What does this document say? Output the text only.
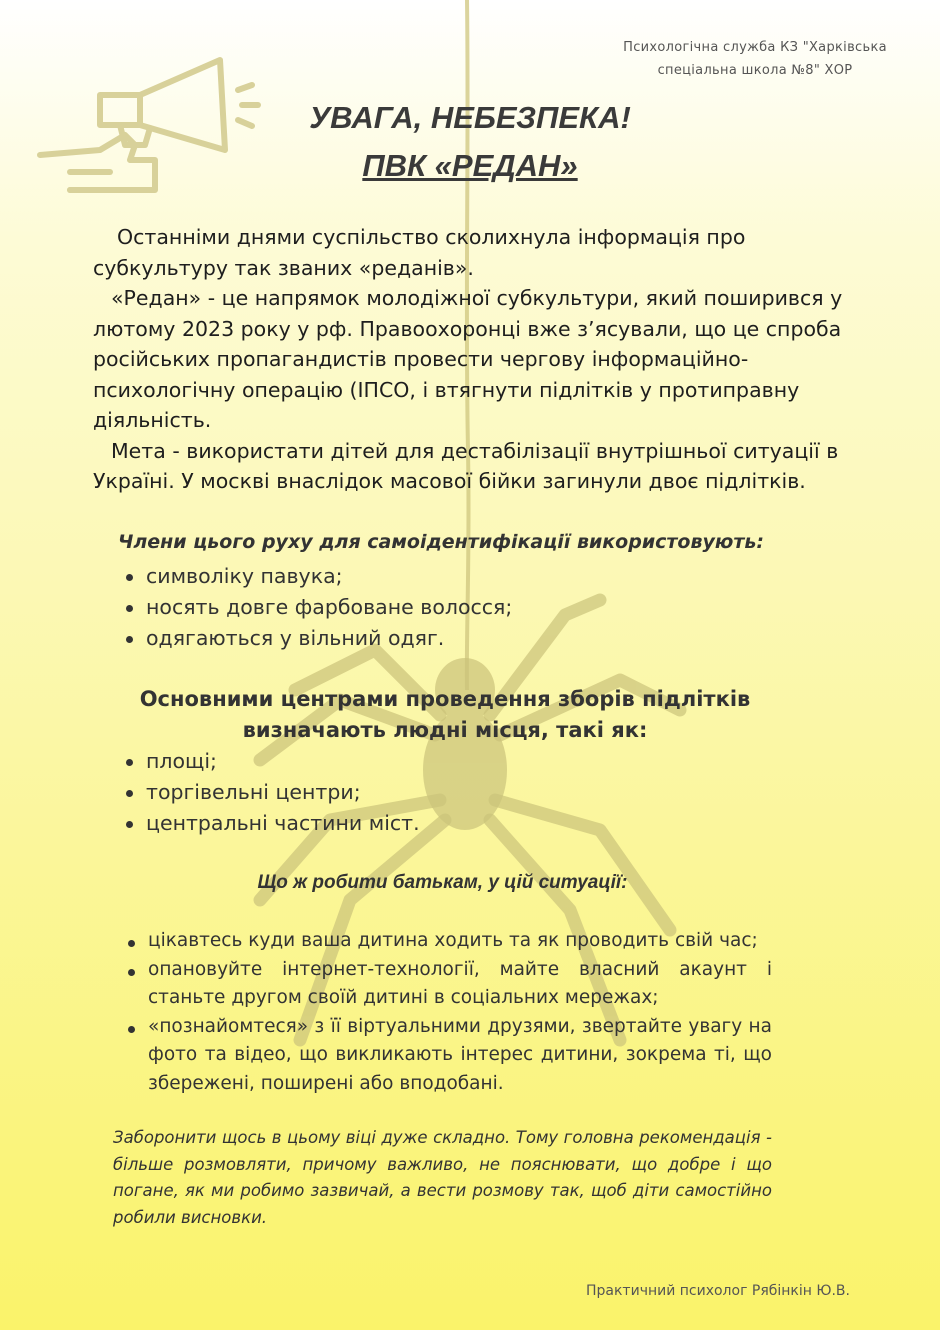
Психологічна служба КЗ "Харківська
спеціальна школа №8" ХОР
УВАГА, НЕБЕЗПЕКА!
ПВК «РЕДАН»

Останніми днями суспільство сколихнула інформація про субкультуру так званих «реданів».

«Редан» - це напрямок молодіжної субкультури, який поширився у лютому 2023 року у рф. Правоохоронці вже з’ясували, що це спроба російських пропагандистів провести чергову інформаційно-психологічну операцію (ІПСО, і втягнути підлітків у протиправну діяльність.

Мета - використати дітей для дестабілізації внутрішньої ситуації в Україні. У москві внаслідок масової бійки загинули двоє підлітків.

Члени цього руху для самоідентифікації використовують:
символіку павука;
носять довге фарбоване волосся;
одягаються у вільний одяг.
Основними центрами проведення зборів підлітків
визначають людні місця, такі як:
площі;
торгівельні центри;
центральні частини міст.
Що ж робити батькам, у цій ситуації:
цікавтесь куди ваша дитина ходить та як проводить свій час;
опановуйте інтернет-технології, майте власний акаунт і станьте другом своїй дитині в соціальних мережах;
«познайомтеся» з її віртуальними друзями, звертайте увагу на фото та відео, що викликають інтерес дитини, зокрема ті, що збережені, поширені або вподобані.
Заборонити щось в цьому віці дуже складно. Тому головна рекомендація - більше розмовляти, причому важливо, не пояснювати, що добре і що погане, як ми робимо зазвичай, а вести розмову так, щоб діти самостійно робили висновки.
Практичний психолог Рябінкін Ю.В.
